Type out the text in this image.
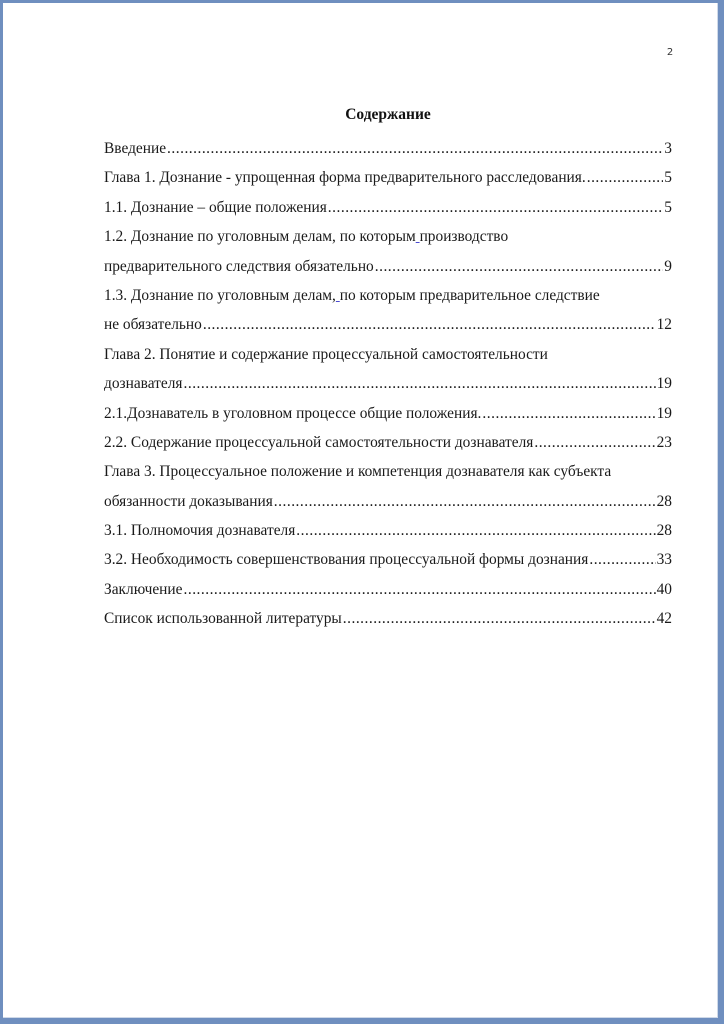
2
Содержание
Введение .....	3
Глава 1. Дознание - упрощенная форма предварительного расследования. .....	5
1.1. Дознание – общие положения .....	5
1.2. Дознание по уголовным делам, по которым
производство
предварительного следствия обязательно .....	9
1.3. Дознание по уголовным делам,
по которым предварительное следствие
не обязательно .....	12
Глава 2. Понятие и содержание процессуальной самостоятельности
дознавателя .....	19
2.1.Дознаватель в уголовном процессе общие положения. .....	19
2.2. Содержание процессуальной самостоятельности дознавателя .....	23
Глава 3. Процессуальное положение и компетенция дознавателя как субъекта
обязанности доказывания .....	28
3.1. Полномочия дознавателя .....	28
3.2. Необходимость совершенствования процессуальной формы дознания .....	33
Заключение .....	40
Список использованной литературы .....	42
